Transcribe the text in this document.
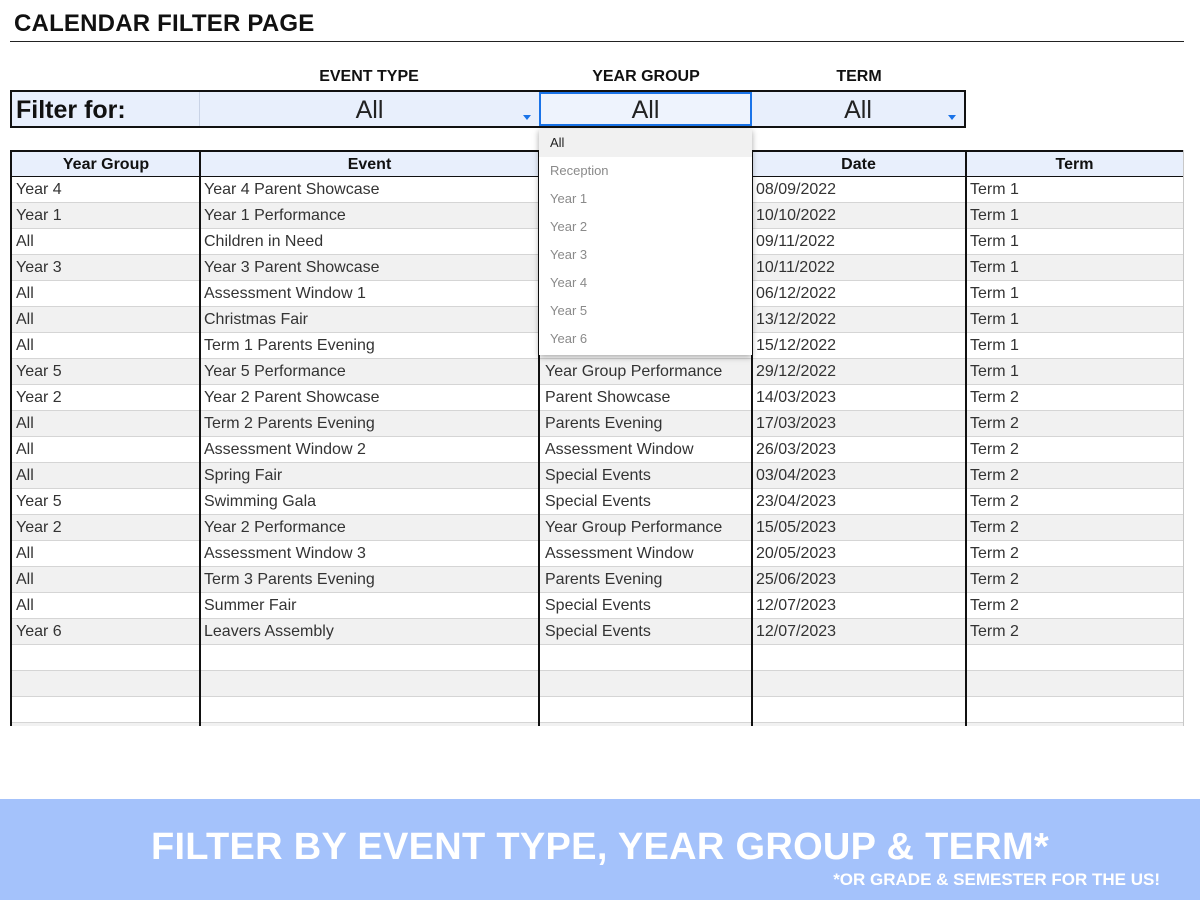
CALENDAR FILTER PAGE
EVENT TYPE	YEAR GROUP	TERM
Filter for:	All	All	All
Year Group	Event	Date	Term
Year 4	Year 4 Parent Showcase	08/09/2022	Term 1
Year 1	Year 1 Performance	10/10/2022	Term 1
All	Children in Need	09/11/2022	Term 1
Year 3	Year 3 Parent Showcase	10/11/2022	Term 1
All	Assessment Window 1	06/12/2022	Term 1
All	Christmas Fair	13/12/2022	Term 1
All	Term 1 Parents Evening	15/12/2022	Term 1
Year 5	Year 5 Performance	Year Group Performance	29/12/2022	Term 1
Year 2	Year 2 Parent Showcase	Parent Showcase	14/03/2023	Term 2
All	Term 2 Parents Evening	Parents Evening	17/03/2023	Term 2
All	Assessment Window 2	Assessment Window	26/03/2023	Term 2
All	Spring Fair	Special Events	03/04/2023	Term 2
Year 5	Swimming Gala	Special Events	23/04/2023	Term 2
Year 2	Year 2 Performance	Year Group Performance	15/05/2023	Term 2
All	Assessment Window 3	Assessment Window	20/05/2023	Term 2
All	Term 3 Parents Evening	Parents Evening	25/06/2023	Term 2
All	Summer Fair	Special Events	12/07/2023	Term 2
Year 6	Leavers Assembly	Special Events	12/07/2023	Term 2
All
Reception
Year 1
Year 2
Year 3
Year 4
Year 5
Year 6
FILTER BY EVENT TYPE, YEAR GROUP & TERM*
*OR GRADE & SEMESTER FOR THE US!
